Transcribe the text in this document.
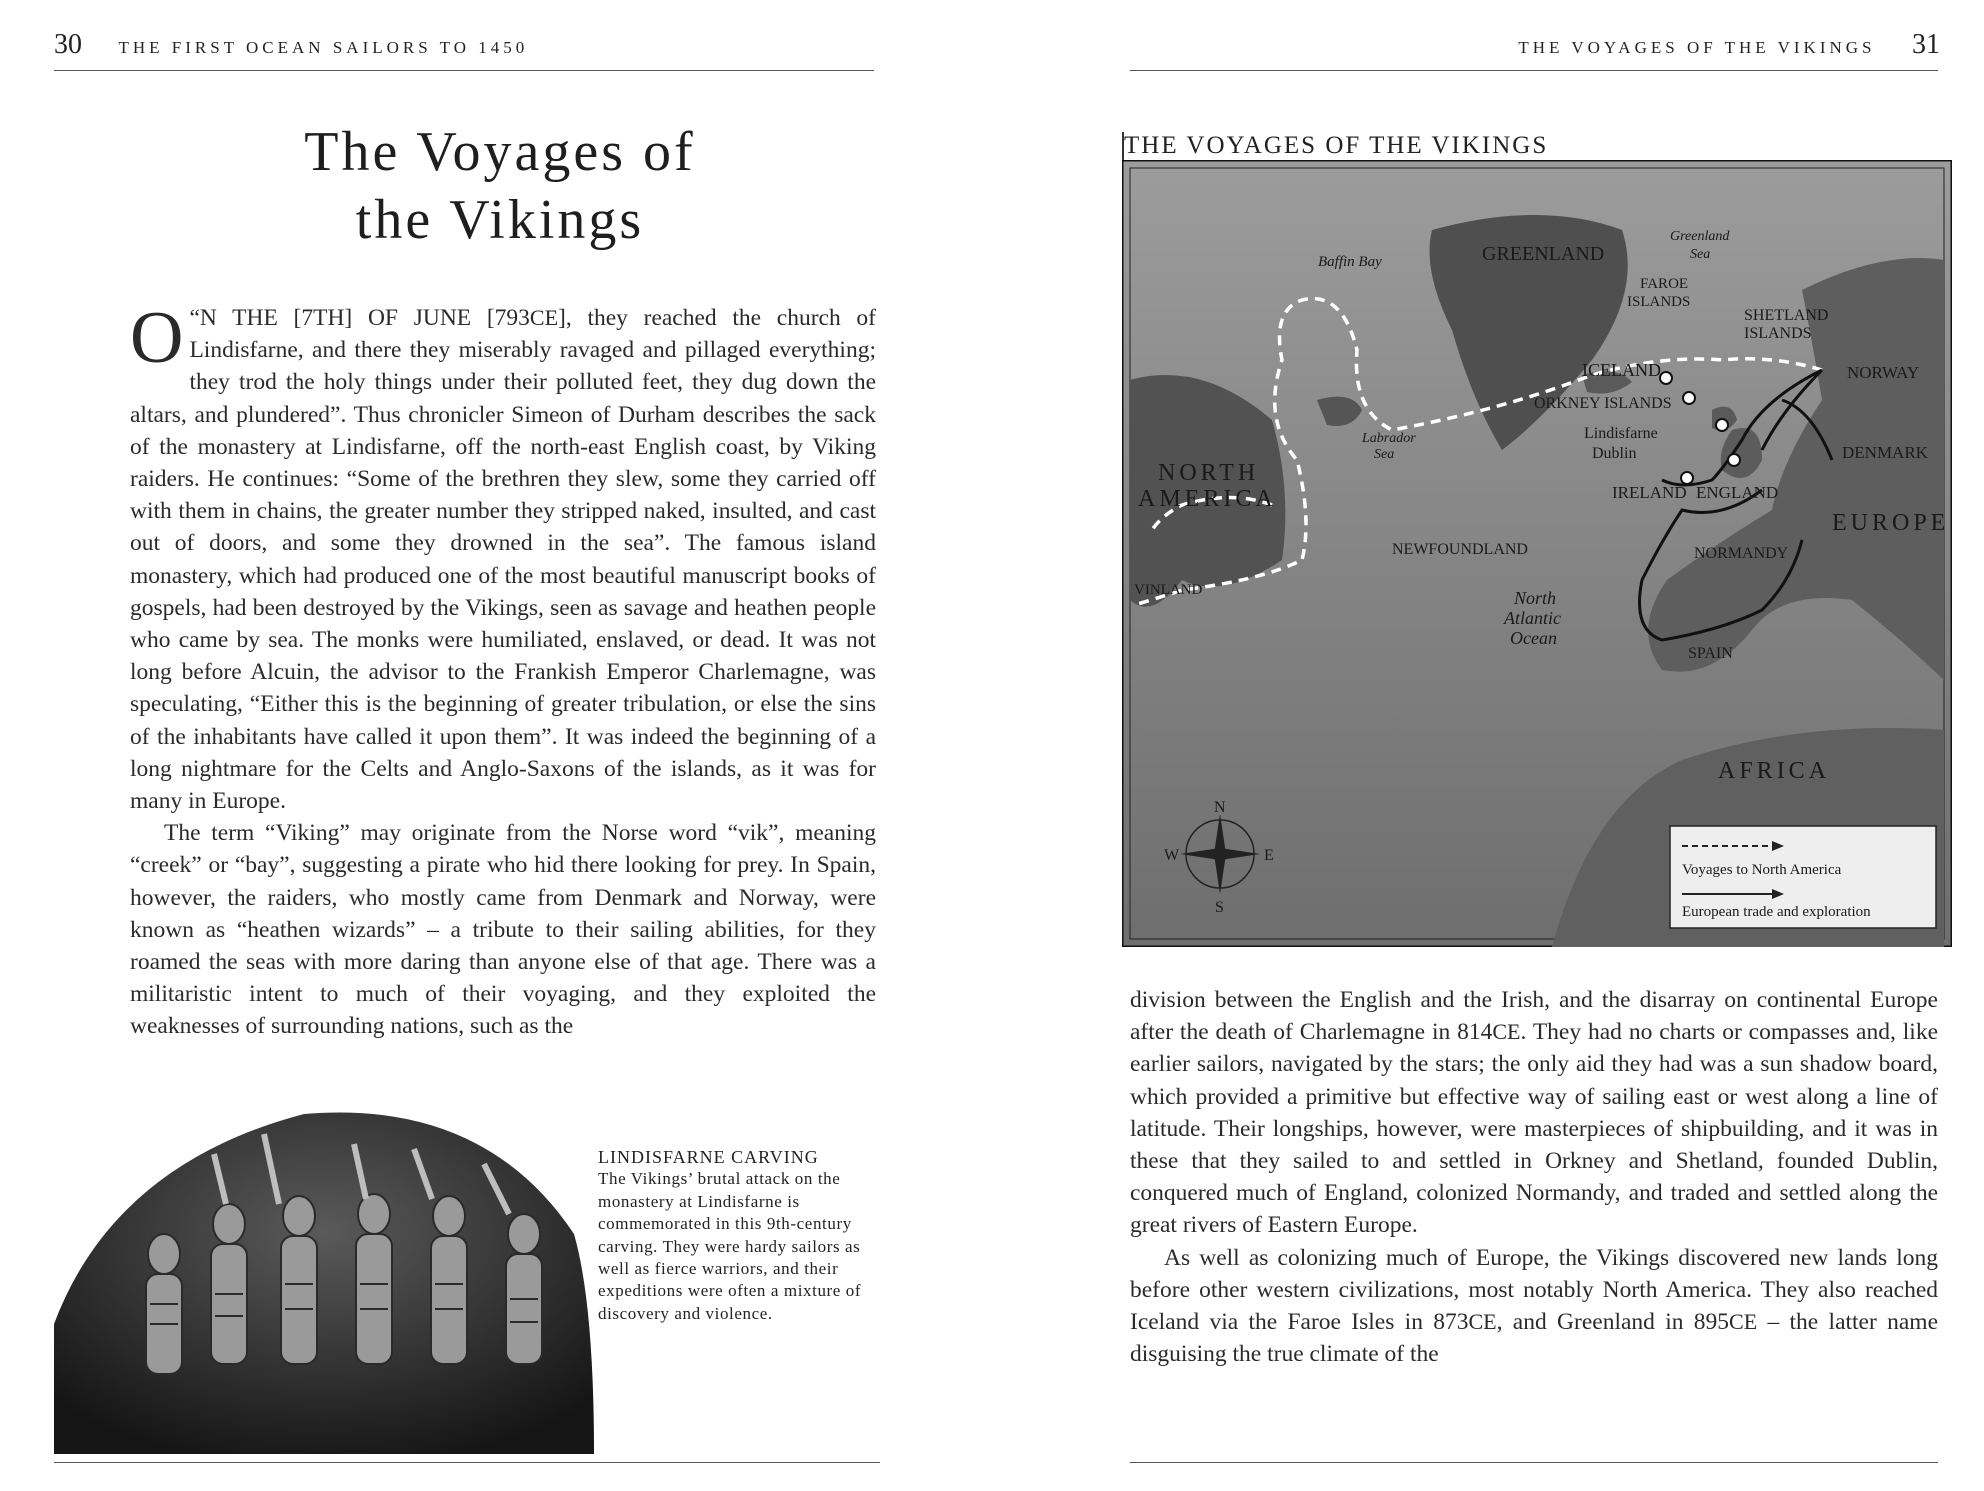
30 THE FIRST OCEAN SAILORS TO 1450
The Voyages of
the Vikings

“
O N THE [7TH] OF JUNE [793CE], they reached the church of Lindisfarne, and there they miserably ravaged and pillaged everything; they trod the holy things under their polluted feet, they dug down the altars, and plundered”. Thus chronicler Simeon of Durham describes the sack of the monastery at Lindisfarne, off the north-east English coast, by Viking raiders. He continues: “Some of the brethren they slew, some they carried off with them in chains, the greater number they stripped naked, insulted, and cast out of doors, and some they drowned in the sea”. The famous island monastery, which had produced one of the most beautiful manuscript books of gospels, had been destroyed by the Vikings, seen as savage and heathen people who came by sea. The monks were humiliated, enslaved, or dead. It was not long before Alcuin, the advisor to the Frankish Emperor Charlemagne, was speculating, “Either this is the beginning of greater tribulation, or else the sins of the inhabitants have called it upon them”. It was indeed the beginning of a long nightmare for the Celts and Anglo-Saxons of the islands, as it was for many in Europe.

The term “Viking” may originate from the Norse word “vik”, meaning “creek” or “bay”, suggesting a pirate who hid there looking for prey. In Spain, however, the raiders, who mostly came from Denmark and Norway, were known as “heathen wizards” – a tribute to their sailing abilities, for they roamed the seas with more daring than anyone else of that age. There was a militaristic intent to much of their voyaging, and they exploited the weaknesses of surrounding nations, such as the

LINDISFARNE CARVING

The Vikings’ brutal attack on the monastery at Lindisfarne is commemorated in this 9th-century carving. They were hardy sailors as well as fierce warriors, and their expeditions were often a mixture of discovery and violence.

THE VOYAGES OF THE VIKINGS 31
THE VOYAGES OF THE VIKINGS
GREENLAND
Baffin Bay
Greenland
Sea
FAROE
ISLANDS
SHETLAND
ISLANDS
ICELAND
ORKNEY ISLANDS
NORWAY
Lindisfarne
Dublin	DENMARK
Labrador
Sea
NORTH
AMERICA	IRELAND ENGLAND
EUROPE
NEWFOUNDLAND	NORMANDY
VINLAND	North
Atlantic
Ocean
SPAIN
AFRICA
N
S
E
W
Voyages to North America
European trade and exploration

division between the English and the Irish, and the disarray on continental Europe after the death of Charlemagne in 814CE. They had no charts or compasses and, like earlier sailors, navigated by the stars; the only aid they had was a sun shadow board, which provided a primitive but effective way of sailing east or west along a line of latitude. Their longships, however, were masterpieces of shipbuilding, and it was in these that they sailed to and settled in Orkney and Shetland, founded Dublin, conquered much of England, colonized Normandy, and traded and settled along the great rivers of Eastern Europe.

As well as colonizing much of Europe, the Vikings discovered new lands long before other western civilizations, most notably North America. They also reached Iceland via the Faroe Isles in 873CE, and Greenland in 895CE – the latter name disguising the true climate of the
